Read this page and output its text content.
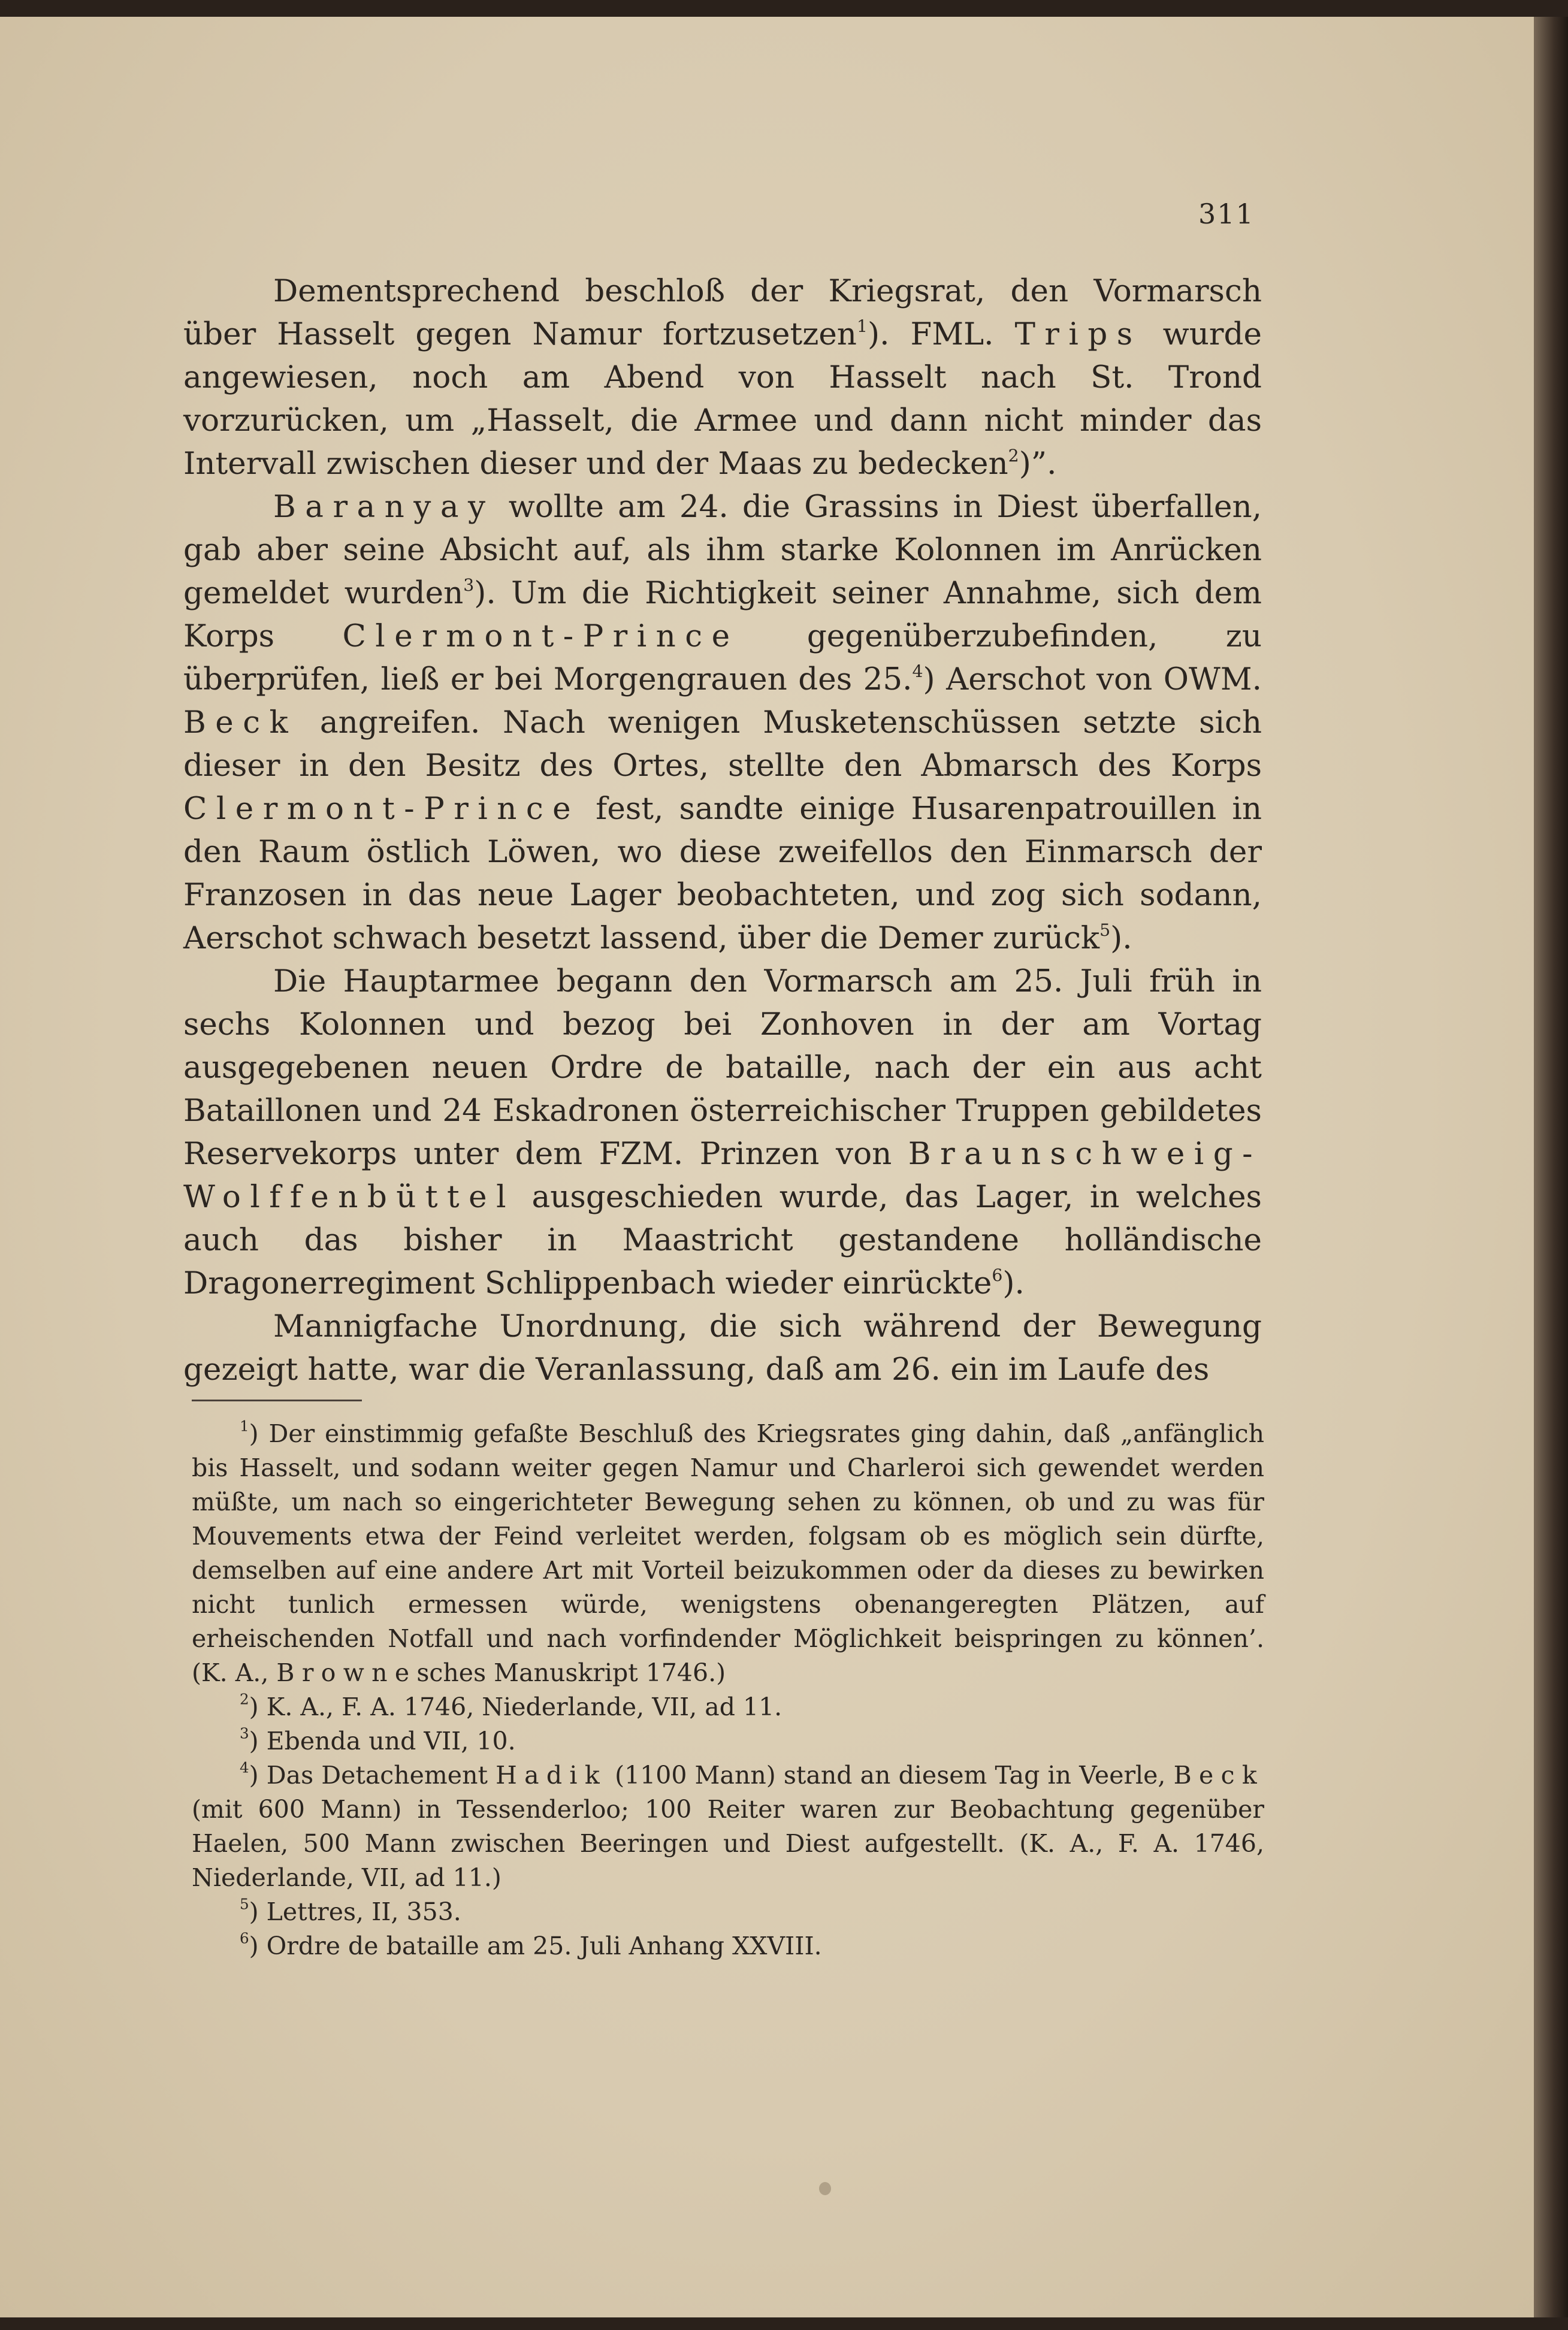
311

Dementsprechend beschloß der Kriegsrat, den Vormarsch über Hasselt gegen Namur fortzusetzen$^1$). FML. Trips wurde angewiesen, noch am Abend von Hasselt nach St. Trond vorzurücken, um „Hasselt, die Armee und dann nicht minder das Intervall zwischen dieser und der Maas zu bedecken$^2$)”.

Baranyay wollte am 24. die Grassins in Diest überfallen, gab aber seine Absicht auf, als ihm starke Kolonnen im Anrücken gemeldet wurden$^3$). Um die Richtigkeit seiner Annahme, sich dem Korps Clermont-Prince gegenüberzubefinden, zu überprüfen, ließ er bei Morgengrauen des 25.$^4$) Aerschot von OWM. Beck angreifen. Nach wenigen Musketenschüssen setzte sich dieser in den Besitz des Ortes, stellte den Abmarsch des Korps Clermont-Prince fest, sandte einige Husarenpatrouillen in den Raum östlich Löwen, wo diese zweifellos den Einmarsch der Franzosen in das neue Lager beobachteten, und zog sich sodann, Aerschot schwach besetzt lassend, über die Demer zurück$^5$).

Die Hauptarmee begann den Vormarsch am 25. Juli früh in sechs Kolonnen und bezog bei Zonhoven in der am Vortag ausgegebenen neuen Ordre de bataille, nach der ein aus acht Bataillonen und 24 Eskadronen österreichischer Truppen gebildetes Reservekorps unter dem FZM. Prinzen von Braunschweig-Wolffenbüttel ausgeschieden wurde, das Lager, in welches auch das bisher in Maastricht gestandene holländische Dragonerregiment Schlippenbach wieder einrückte$^6$).

Mannigfache Unordnung, die sich während der Bewegung gezeigt hatte, war die Veranlassung, daß am 26. ein im Laufe des

$^1$) Der einstimmig gefaßte Beschluß des Kriegsrates ging dahin, daß „anfänglich bis Hasselt, und sodann weiter gegen Namur und Charleroi sich gewendet werden müßte, um nach so eingerichteter Bewegung sehen zu können, ob und zu was für Mouvements etwa der Feind verleitet werden, folgsam ob es möglich sein dürfte, demselben auf eine andere Art mit Vorteil beizukommen oder da dieses zu bewirken nicht tunlich ermessen würde, wenigstens obenangeregten Plätzen, auf erheischenden Notfall und nach vorfindender Möglichkeit beispringen zu können’. (K. A., Brownesches Manuskript 1746.)

$^2$) K. A., F. A. 1746, Niederlande, VII, ad 11.

$^3$) Ebenda und VII, 10.

$^4$) Das Detachement Hadik (1100 Mann) stand an diesem Tag in Veerle, Beck (mit 600 Mann) in Tessenderloo; 100 Reiter waren zur Beobachtung gegenüber Haelen, 500 Mann zwischen Beeringen und Diest aufgestellt. (K. A., F. A. 1746, Niederlande, VII, ad 11.)

$^5$) Lettres, II, 353.

$^6$) Ordre de bataille am 25. Juli Anhang XXVIII.
